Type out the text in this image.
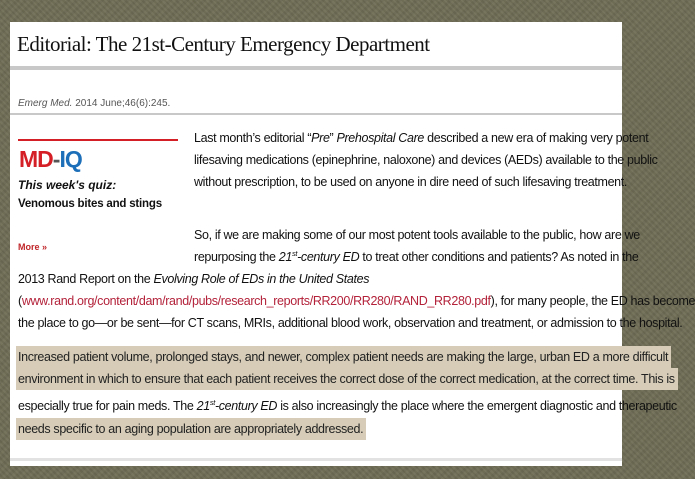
Editorial: The 21st-Century Emergency Department
Emerg Med. 2014 June;46(6):245.
MD-IQ
This week's quiz:
Venomous bites and stings
More »
Last month’s editorial “Pre” Prehospital Care described a new era of making very potent
lifesaving medications (epinephrine, naloxone) and devices (AEDs) available to the public
without prescription, to be used on anyone in dire need of such lifesaving treatment.
So, if we are making some of our most potent tools available to the public, how are we
repurposing the 21st-century ED to treat other conditions and patients? As noted in the
2013 Rand Report on the Evolving Role of EDs in the United States
(www.rand.org/content/dam/rand/pubs/research_reports/RR200/RR280/RAND_RR280.pdf), for many people, the ED has become
the place to go—or be sent—for CT scans, MRIs, additional blood work, observation and treatment, or admission to the hospital.
Increased patient volume, prolonged stays, and newer, complex patient needs are making the large, urban ED a more difficult
environment in which to ensure that each patient receives the correct dose of the correct medication, at the correct time. This is
especially true for pain meds. The 21st-century ED is also increasingly the place where the emergent diagnostic and therapeutic
needs specific to an aging population are appropriately addressed.
